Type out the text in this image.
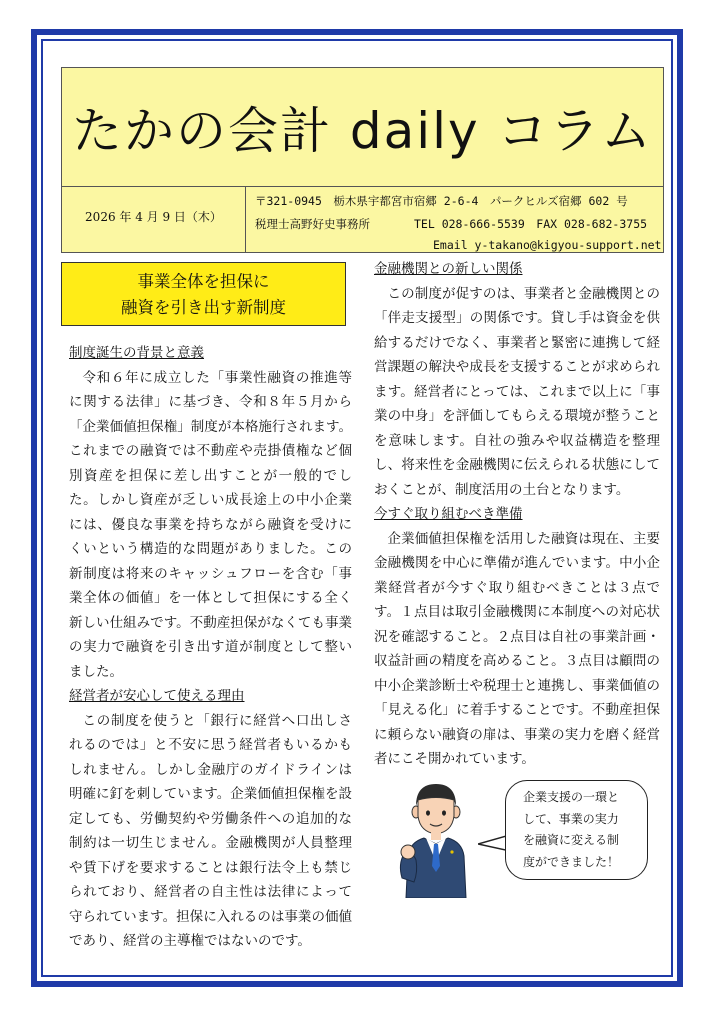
たかの会計 daily コラム
2026 年 4 月 9 日（木）
〒321-0945　栃木県宇都宮市宿郷 2-6-4　パークヒルズ宿郷 602 号
税理士高野好史事務所	TEL 028-666-5539　FAX 028-682-3755
Email y-takano@kigyou-support.net
事業全体を担保に
融資を引き出す新制度
制度誕生の背景と意義

令和６年に成立した「事業性融資の推進等に関する法律」に基づき、令和８年５月から「企業価値担保権」制度が本格施行されます。これまでの融資では不動産や売掛債権など個別資産を担保に差し出すことが一般的でした。しかし資産が乏しい成長途上の中小企業には、優良な事業を持ちながら融資を受けにくいという構造的な問題がありました。この新制度は将来のキャッシュフローを含む「事業全体の価値」を一体として担保にする全く新しい仕組みです。不動産担保がなくても事業の実力で融資を引き出す道が制度として整いました。

経営者が安心して使える理由

この制度を使うと「銀行に経営へ口出しされるのでは」と不安に思う経営者もいるかもしれません。しかし金融庁のガイドラインは明確に釘を刺しています。企業価値担保権を設定しても、労働契約や労働条件への追加的な制約は一切生じません。金融機関が人員整理や賃下げを要求することは銀行法令上も禁じられており、経営者の自主性は法律によって守られています。担保に入れるのは事業の価値であり、経営の主導権ではないのです。

金融機関との新しい関係

この制度が促すのは、事業者と金融機関との「伴走支援型」の関係です。貸し手は資金を供給するだけでなく、事業者と緊密に連携して経営課題の解決や成長を支援することが求められます。経営者にとっては、これまで以上に「事業の中身」を評価してもらえる環境が整うことを意味します。自社の強みや収益構造を整理し、将来性を金融機関に伝えられる状態にしておくことが、制度活用の土台となります。

今すぐ取り組むべき準備

企業価値担保権を活用した融資は現在、主要金融機関を中心に準備が進んでいます。中小企業経営者が今すぐ取り組むべきことは３点です。１点目は取引金融機関に本制度への対応状況を確認すること。２点目は自社の事業計画・収益計画の精度を高めること。３点目は顧問の中小企業診断士や税理士と連携し、事業価値の「見える化」に着手することです。不動産担保に頼らない融資の扉は、事業の実力を磨く経営者にこそ開かれています。

企業支援の一環と
して、事業の実力
を融資に変える制
度ができました！
